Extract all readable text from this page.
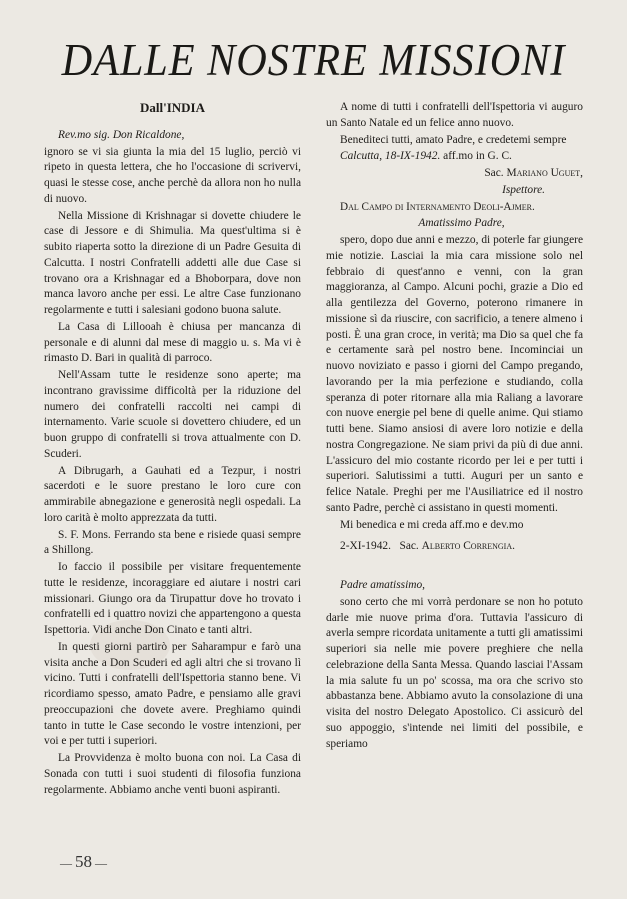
DALLE NOSTRE MISSIONI
Dall'INDIA

Rev.mo sig. Don Ricaldone,

ignoro se vi sia giunta la mia del 15 luglio, perciò vi ripeto in questa lettera, che ho l'occasione di scrivervi, quasi le stesse cose, anche perchè da allora non ho nulla di nuovo.

Nella Missione di Krishnagar si dovette chiudere le case di Jessore e di Shimulia. Ma quest'ultima si è subito riaperta sotto la direzione di un Padre Gesuita di Calcutta. I nostri Confratelli addetti alle due Case si trovano ora a Krishnagar ed a Bhoborpara, dove non manca lavoro anche per essi. Le altre Case funzionano regolarmente e tutti i salesiani godono buona salute.

La Casa di Lillooah è chiusa per mancanza di personale e di alunni dal mese di maggio u. s. Ma vi è rimasto D. Bari in qualità di parroco.

Nell'Assam tutte le residenze sono aperte; ma incontrano gravissime difficoltà per la riduzione del numero dei confratelli raccolti nei campi di internamento. Varie scuole si dovettero chiudere, ed un buon gruppo di confratelli si trova attualmente con D. Scuderi.

A Dibrugarh, a Gauhati ed a Tezpur, i nostri sacerdoti e le suore prestano le loro cure con ammirabile abnegazione e generosità negli ospedali. La loro carità è molto apprezzata da tutti.

S. F. Mons. Ferrando sta bene e risiede quasi sempre a Shillong.

Io faccio il possibile per visitare frequentemente tutte le residenze, incoraggiare ed aiutare i nostri cari missionari. Giungo ora da Tirupattur dove ho trovato i confratelli ed i quattro novizi che appartengono a questa Ispettoria. Vidi anche Don Cinato e tanti altri.

In questi giorni partirò per Saharampur e farò una visita anche a Don Scuderi ed agli altri che si trovano lì vicino. Tutti i confratelli dell'Ispettoria stanno bene. Vi ricordiamo spesso, amato Padre, e pensiamo alle gravi preoccupazioni che dovete avere. Preghiamo quindi tanto in tutte le Case secondo le vostre intenzioni, per voi e per tutti i superiori.

La Provvidenza è molto buona con noi. La Casa di Sonada con tutti i suoi studenti di filosofia funziona regolarmente. Abbiamo anche venti buoni aspiranti.

A nome di tutti i confratelli dell'Ispettoria vi auguro un Santo Natale ed un felice anno nuovo.

Benediteci tutti, amato Padre, e credetemi sempre

Calcutta, 18-IX-1942. aff.mo in G. C.

Sac. Mariano Uguet,

Ispettore.

Dal Campo di Internamento Deoli-Ajmer.

Amatissimo Padre,

spero, dopo due anni e mezzo, di poterle far giungere mie notizie. Lasciai la mia cara missione solo nel febbraio di quest'anno e venni, con la gran maggioranza, al Campo. Alcuni pochi, grazie a Dio ed alla gentilezza del Governo, poterono rimanere in missione sì da riuscire, con sacrificio, a tenere almeno i posti. È una gran croce, in verità; ma Dio sa quel che fa e certamente sarà pel nostro bene. Incominciai un nuovo noviziato e passo i giorni del Campo pregando, lavorando per la mia perfezione e studiando, colla speranza di poter ritornare alla mia Raliang a lavorare con nuove energie pel bene di quelle anime. Qui stiamo tutti bene. Siamo ansiosi di avere loro notizie e della nostra Congregazione. Ne siam privi da più di due anni. L'assicuro del mio costante ricordo per lei e per tutti i superiori. Salutissimi a tutti. Auguri per un santo e felice Natale. Preghi per me l'Ausiliatrice ed il nostro santo Padre, perchè ci assistano in questi momenti.

Mi benedica e mi creda aff.mo e dev.mo

2-XI-1942. Sac. Alberto Correngia.

Padre amatissimo,

sono certo che mi vorrà perdonare se non ho potuto darle mie nuove prima d'ora. Tuttavia l'assicuro di averla sempre ricordata unitamente a tutti gli amatissimi superiori sia nelle mie povere preghiere che nella celebrazione della Santa Messa. Quando lasciai l'Assam la mia salute fu un po' scossa, ma ora che scrivo sto abbastanza bene. Abbiamo avuto la consolazione di una visita del nostro Delegato Apostolico. Ci assicurò del suo appoggio, s'intende nei limiti del possibile, e speriamo

— 58 —
